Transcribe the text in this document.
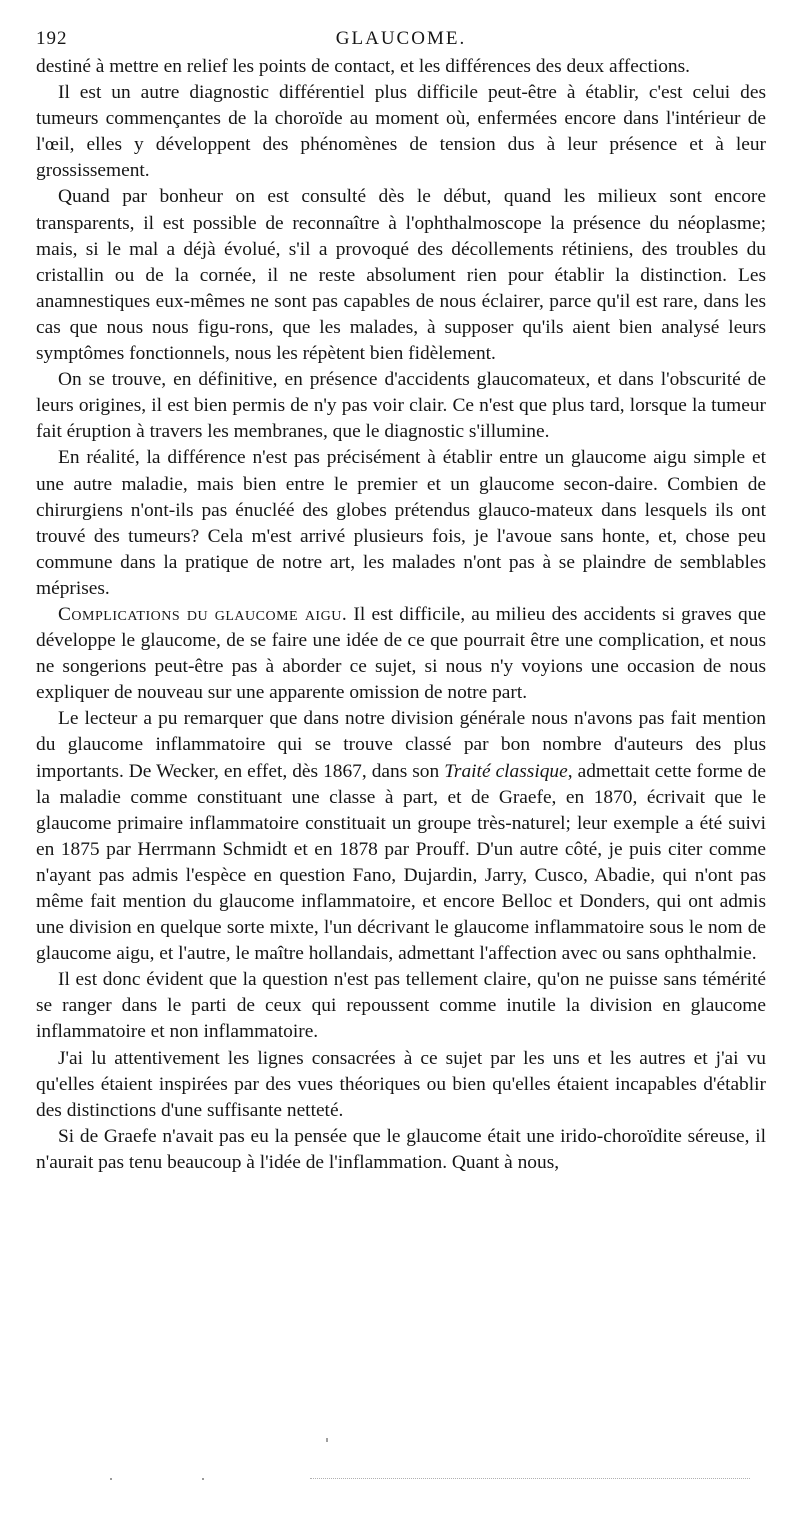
192	GLAUCOME.

destiné à mettre en relief les points de contact, et les différences des deux affections.

Il est un autre diagnostic différentiel plus difficile peut-être à établir, c'est celui des tumeurs commençantes de la choroïde au moment où, enfermées encore dans l'intérieur de l'œil, elles y développent des phénomènes de tension dus à leur présence et à leur grossissement.

Quand par bonheur on est consulté dès le début, quand les milieux sont encore transparents, il est possible de reconnaître à l'ophthalmoscope la présence du néoplasme; mais, si le mal a déjà évolué, s'il a provoqué des décollements rétiniens, des troubles du cristallin ou de la cornée, il ne reste absolument rien pour établir la distinction. Les anamnestiques eux-mêmes ne sont pas capables de nous éclairer, parce qu'il est rare, dans les cas que nous nous figu-rons, que les malades, à supposer qu'ils aient bien analysé leurs symptômes fonctionnels, nous les répètent bien fidèlement.

On se trouve, en définitive, en présence d'accidents glaucomateux, et dans l'obscurité de leurs origines, il est bien permis de n'y pas voir clair. Ce n'est que plus tard, lorsque la tumeur fait éruption à travers les membranes, que le diagnostic s'illumine.

En réalité, la différence n'est pas précisément à établir entre un glaucome aigu simple et une autre maladie, mais bien entre le premier et un glaucome secon-daire. Combien de chirurgiens n'ont-ils pas énucléé des globes prétendus glauco-mateux dans lesquels ils ont trouvé des tumeurs? Cela m'est arrivé plusieurs fois, je l'avoue sans honte, et, chose peu commune dans la pratique de notre art, les malades n'ont pas à se plaindre de semblables méprises.

Complications du glaucome aigu. Il est difficile, au milieu des accidents si graves que développe le glaucome, de se faire une idée de ce que pourrait être une complication, et nous ne songerions peut-être pas à aborder ce sujet, si nous n'y voyions une occasion de nous expliquer de nouveau sur une apparente omission de notre part.

Le lecteur a pu remarquer que dans notre division générale nous n'avons pas fait mention du glaucome inflammatoire qui se trouve classé par bon nombre d'auteurs des plus importants. De Wecker, en effet, dès 1867, dans son Traité classique, admettait cette forme de la maladie comme constituant une classe à part, et de Graefe, en 1870, écrivait que le glaucome primaire inflammatoire constituait un groupe très-naturel; leur exemple a été suivi en 1875 par Herrmann Schmidt et en 1878 par Prouff. D'un autre côté, je puis citer comme n'ayant pas admis l'espèce en question Fano, Dujardin, Jarry, Cusco, Abadie, qui n'ont pas même fait mention du glaucome inflammatoire, et encore Belloc et Donders, qui ont admis une division en quelque sorte mixte, l'un décrivant le glaucome inflammatoire sous le nom de glaucome aigu, et l'autre, le maître hollandais, admettant l'affection avec ou sans ophthalmie.

Il est donc évident que la question n'est pas tellement claire, qu'on ne puisse sans témérité se ranger dans le parti de ceux qui repoussent comme inutile la division en glaucome inflammatoire et non inflammatoire.

J'ai lu attentivement les lignes consacrées à ce sujet par les uns et les autres et j'ai vu qu'elles étaient inspirées par des vues théoriques ou bien qu'elles étaient incapables d'établir des distinctions d'une suffisante netteté.

Si de Graefe n'avait pas eu la pensée que le glaucome était une irido-choroïdite séreuse, il n'aurait pas tenu beaucoup à l'idée de l'inflammation. Quant à nous,
